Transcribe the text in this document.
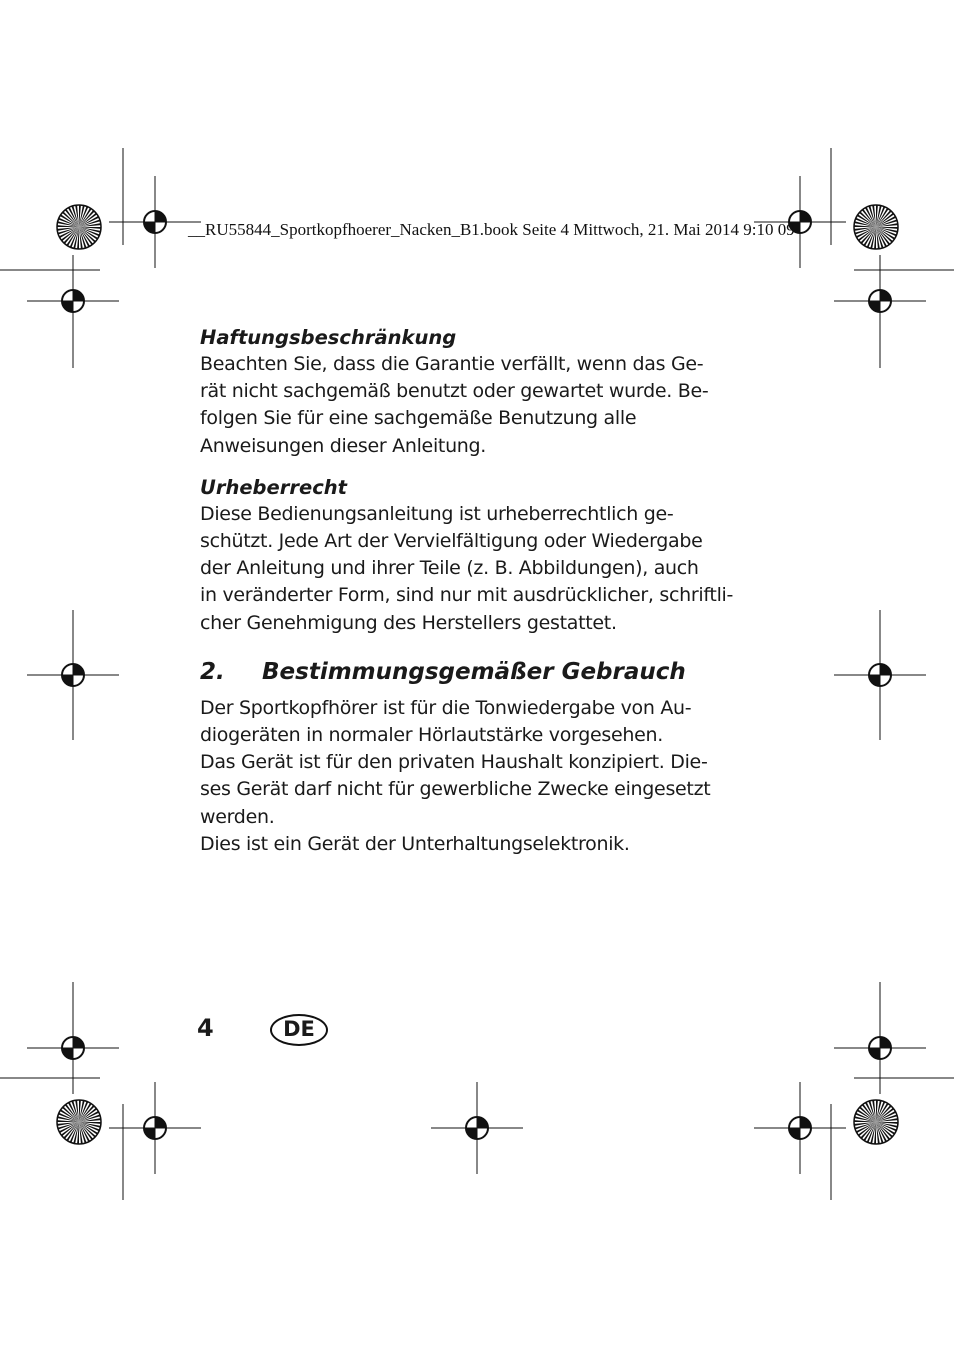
__RU55844_Sportkopfhoerer_Nacken_B1.book Seite 4 Mittwoch, 21. Mai 2014 9:10 09

Haftungsbeschränkung

Beachten Sie, dass die Garantie verfällt, wenn das Ge-

rät nicht sachgemäß benutzt oder gewartet wurde. Be-

folgen Sie für eine sachgemäße Benutzung alle

Anweisungen dieser Anleitung.

Urheberrecht

Diese Bedienungsanleitung ist urheberrechtlich ge-

schützt. Jede Art der Vervielfältigung oder Wiedergabe

der Anleitung und ihrer Teile (z. B. Abbildungen), auch

in veränderter Form, sind nur mit ausdrücklicher, schriftli-

cher Genehmigung des Herstellers gestattet.

2. Bestimmungsgemäßer Gebrauch

Der Sportkopfhörer ist für die Tonwiedergabe von Au-

diogeräten in normaler Hörlautstärke vorgesehen.

Das Gerät ist für den privaten Haushalt konzipiert. Die-

ses Gerät darf nicht für gewerbliche Zwecke eingesetzt

werden.

Dies ist ein Gerät der Unterhaltungselektronik.

4	DE
